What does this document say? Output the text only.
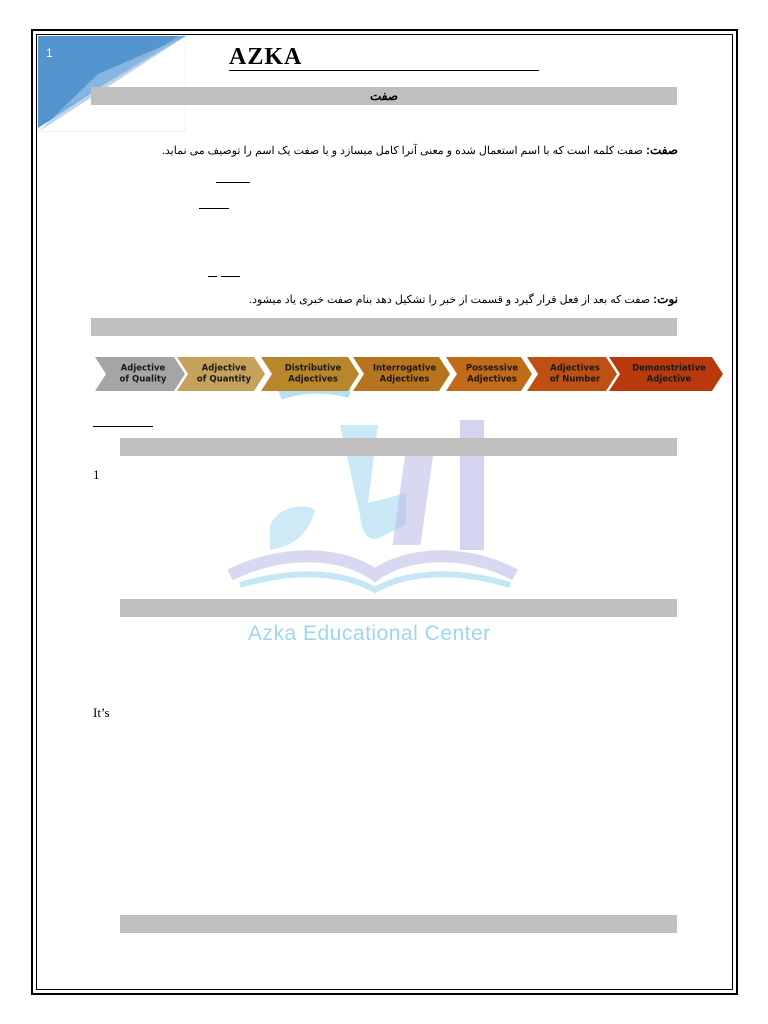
1	AZKA
صفت
صفت: صفت کلمه است که با اسم استعمال شده و معنی آنرا کامل میسازد و یا صفت یک اسم را توصیف می نماید.
نوت: صفت که بعد از فعل قرار گیرد و قسمت از خبر را تشکیل دهد بنام صفت خبری یاد میشود.
Azka Educational Center
Adjective
of Quality
Adjective
of Quantity
Distributive
Adjectives
Interrogative
Adjectives
Possessive
Adjectives
Adjectives
of Number
Demonstriative
Adjective
1
It’s
